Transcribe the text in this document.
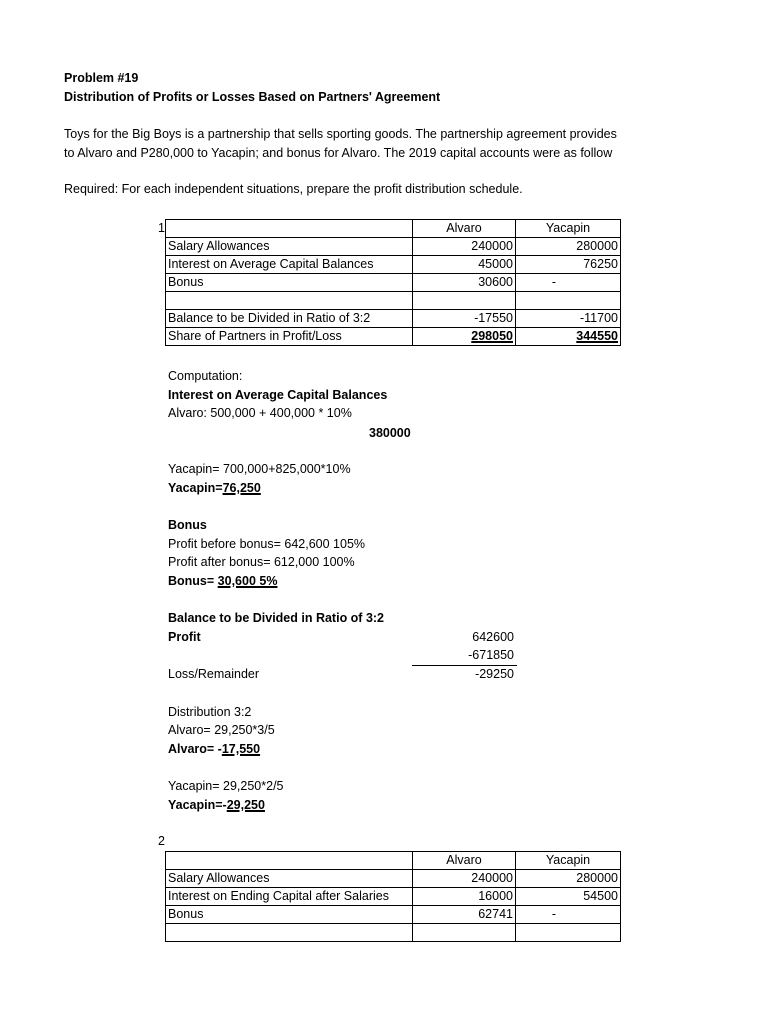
Problem #19
Distribution of Profits or Losses Based on Partners' Agreement
Toys for the Big Boys is a partnership that sells sporting goods. The partnership agreement provides
to Alvaro and P280,000 to Yacapin; and bonus for Alvaro. The 2019 capital accounts were as follow
Required: For each independent situations, prepare the profit distribution schedule.
1
		Alvaro	Yacapin
Salary Allowances	240000	280000
Interest on Average Capital Balances	45000	76250
Bonus	30600	-

Balance to be Divided in Ratio of 3:2	-17550	-11700
Share of Partners in Profit/Loss	298050	344550
Computation:
Interest on Average Capital Balances
Alvaro: 500,000 + 400,000 * 10%
380000
Yacapin= 700,000+825,000*10%
Yacapin=76,250
Bonus
Profit before bonus= 642,600 105%
Profit after bonus= 612,000 100%
Bonus= 30,600 5%
Balance to be Divided in Ratio of 3:2
Profit	642600
-671850
Loss/Remainder	-29250
Distribution 3:2
Alvaro= 29,250*3/5
Alvaro= -17,550
Yacapin= 29,250*2/5
Yacapin=-29,250
2
	Alvaro	Yacapin
Salary Allowances	240000	280000
Interest on Ending Capital after Salaries	16000	54500
Bonus	62741	-
